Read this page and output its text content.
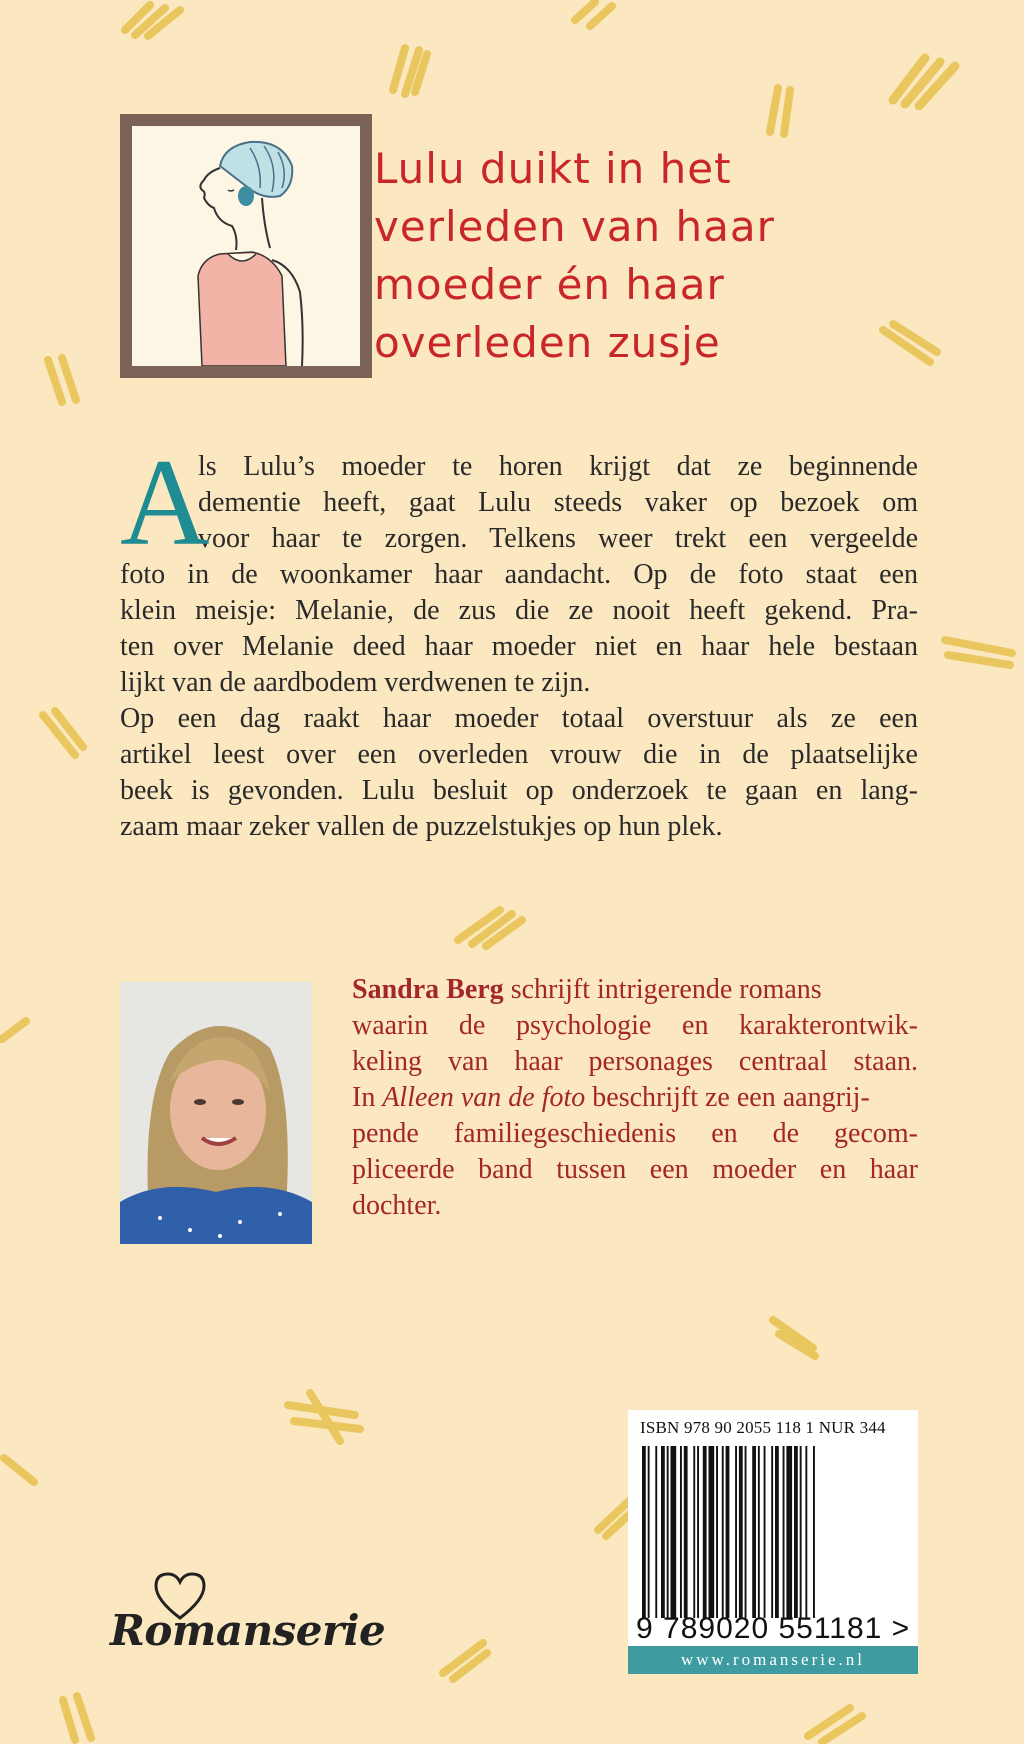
Lulu duikt in het
verleden van haar
moeder én haar
overleden zusje
A
ls Lulu’s moeder te horen krijgt dat ze beginnende
dementie heeft, gaat Lulu steeds vaker op bezoek om
voor haar te zorgen. Telkens weer trekt een vergeelde
foto in de woonkamer haar aandacht. Op de foto staat een
klein meisje: Melanie, de zus die ze nooit heeft gekend. Pra-
ten over Melanie deed haar moeder niet en haar hele bestaan
lijkt van de aardbodem verdwenen te zijn.
Op een dag raakt haar moeder totaal overstuur als ze een
artikel leest over een overleden vrouw die in de plaatselijke
beek is gevonden. Lulu besluit op onderzoek te gaan en lang-
zaam maar zeker vallen de puzzelstukjes op hun plek.
Sandra Berg schrijft intrigerende romans
waarin de psychologie en karakterontwik-
keling van haar personages centraal staan.
In Alleen van de foto beschrijft ze een aangrij-
pende familiegeschiedenis en de gecom-
pliceerde band tussen een moeder en haar
dochter.
ISBN 978 90 2055 118 1 NUR 344
9 789020 551181 >
www.romanserie.nl
Romanserie
